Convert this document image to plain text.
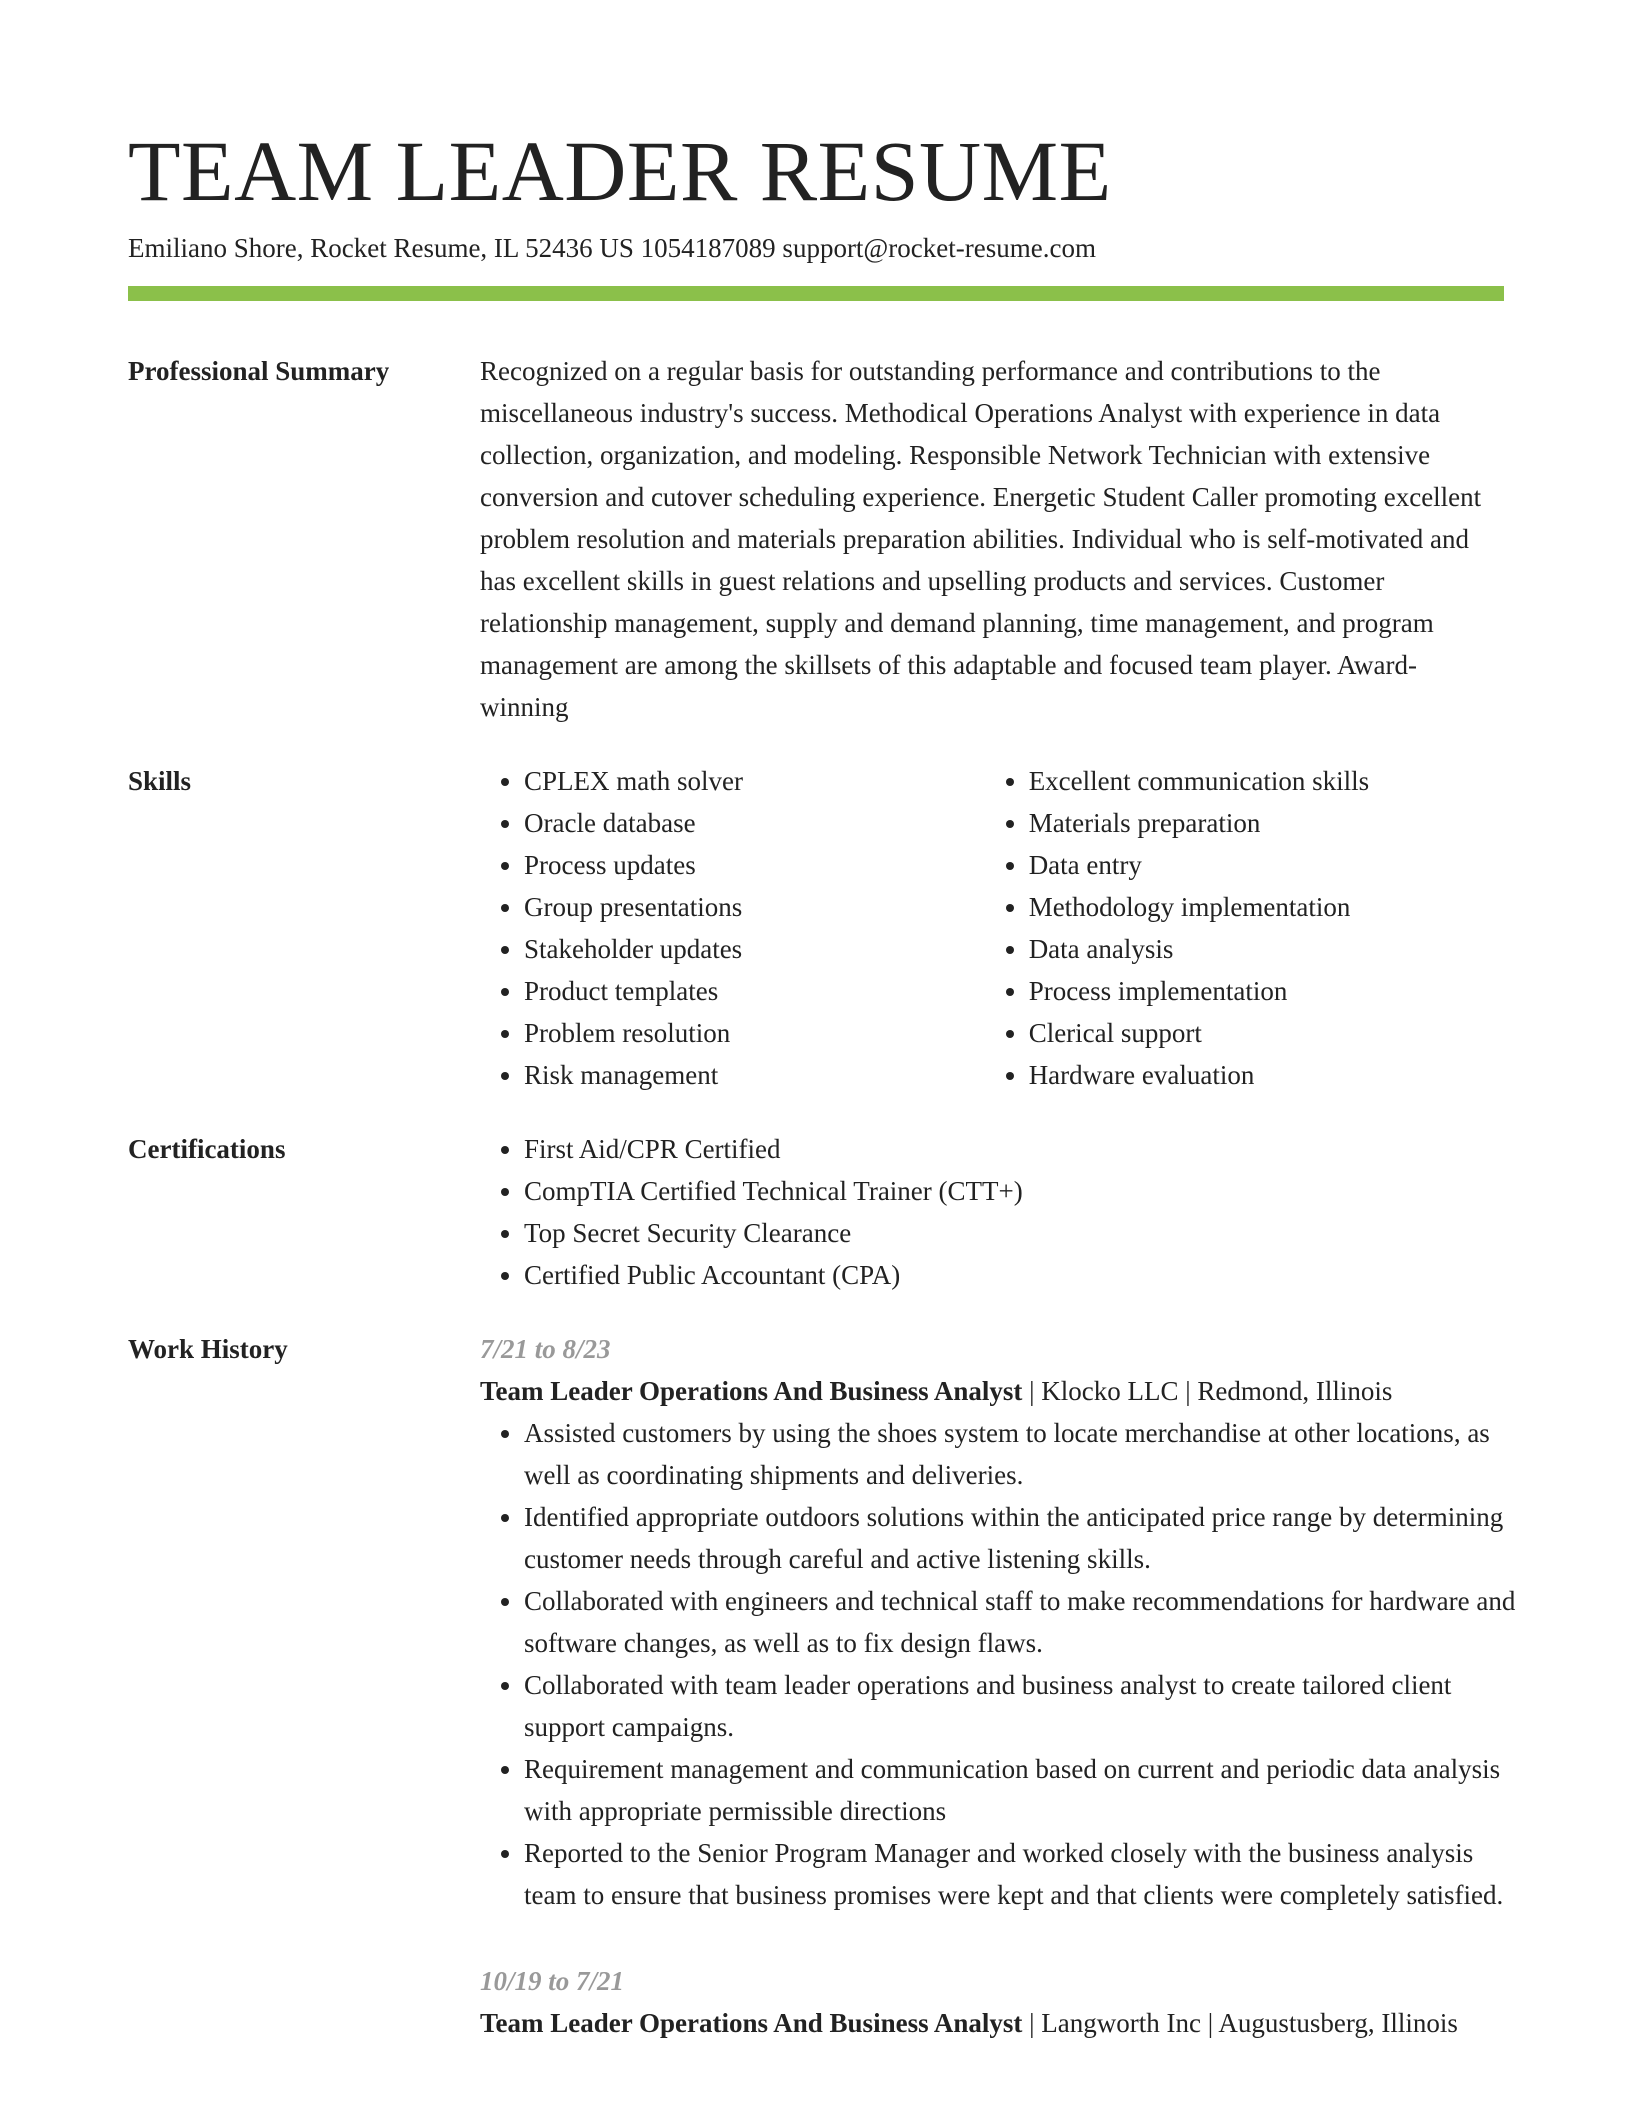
TEAM LEADER RESUME
Emiliano Shore, Rocket Resume, IL 52436 US 1054187089 support@rocket-resume.com
Professional Summary	Recognized on a regular basis for outstanding performance and contributions to the miscellaneous industry's success. Methodical Operations Analyst with experience in data collection, organization, and modeling. Responsible Network Technician with extensive conversion and cutover scheduling experience. Energetic Student Caller promoting excellent problem resolution and materials preparation abilities. Individual who is self-motivated and has excellent skills in guest relations and upselling products and services. Customer relationship management, supply and demand planning, time management, and program management are among the skillsets of this adaptable and focused team player. Award-winning

Skills	• CPLEX math solver
• Oracle database
• Process updates
• Group presentations
• Stakeholder updates
• Product templates
• Problem resolution
• Risk management
• Excellent communication skills
• Materials preparation
• Data entry
• Methodology implementation
• Data analysis
• Process implementation
• Clerical support
• Hardware evaluation
Certifications	• First Aid/CPR Certified
• CompTIA Certified Technical Trainer (CTT+)
• Top Secret Security Clearance
• Certified Public Accountant (CPA)
Work History	7/21 to 8/23
Team Leader Operations And Business Analyst | Klocko LLC | Redmond, Illinois
• Assisted customers by using the shoes system to locate merchandise at other locations, as well as coordinating shipments and deliveries.
• Identified appropriate outdoors solutions within the anticipated price range by determining customer needs through careful and active listening skills.
• Collaborated with engineers and technical staff to make recommendations for hardware and software changes, as well as to fix design flaws.
• Collaborated with team leader operations and business analyst to create tailored client support campaigns.
• Requirement management and communication based on current and periodic data analysis with appropriate permissible directions
• Reported to the Senior Program Manager and worked closely with the business analysis team to ensure that business promises were kept and that clients were completely satisfied.
10/19 to 7/21
Team Leader Operations And Business Analyst | Langworth Inc | Augustusberg, Illinois
